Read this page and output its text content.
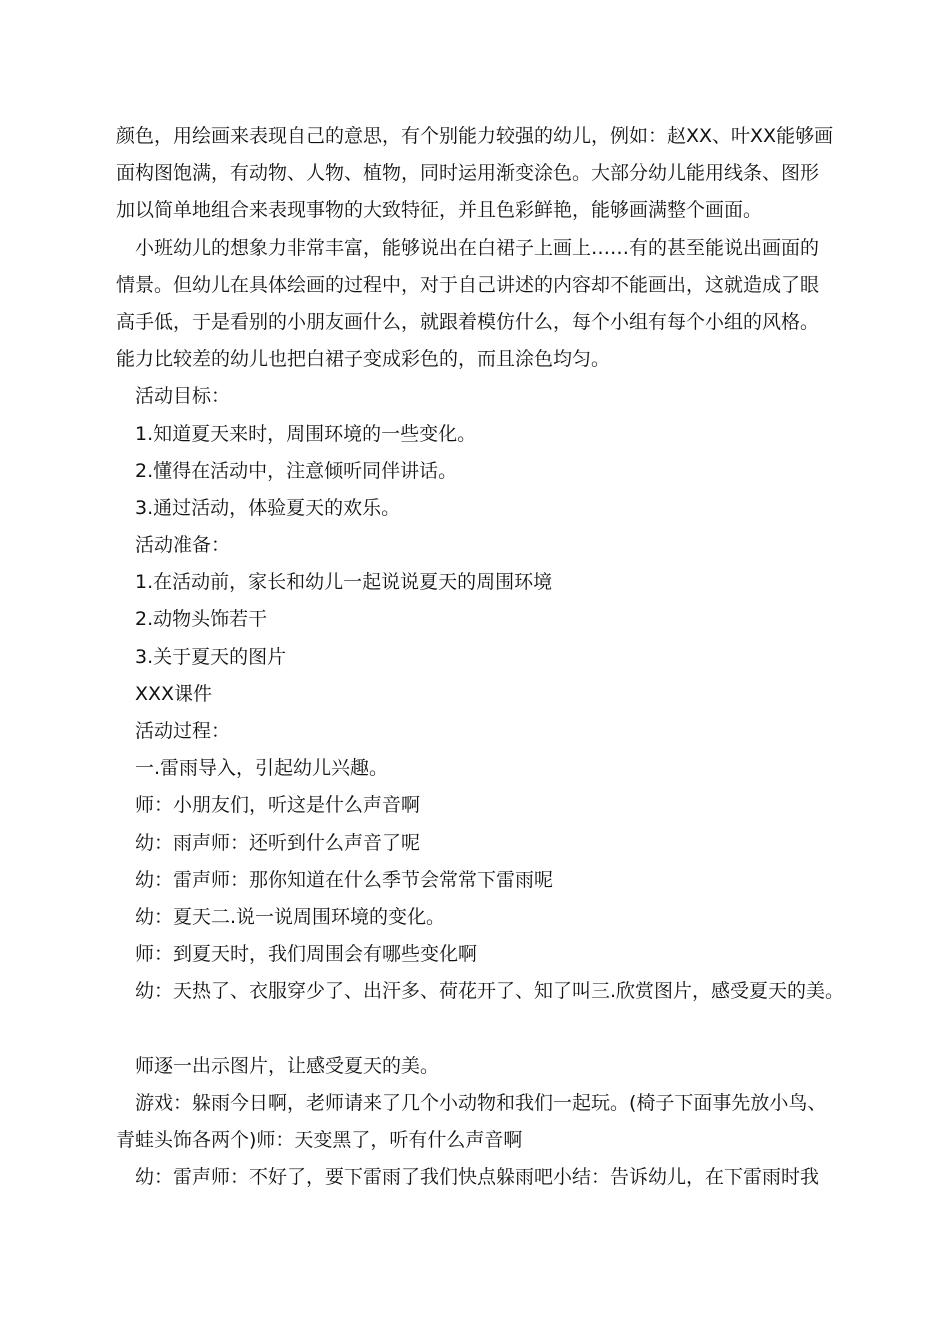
颜色，用绘画来表现自己的意思，有个别能力较强的幼儿，例如：赵XX、叶XX能够画
面构图饱满，有动物、人物、植物，同时运用渐变涂色。大部分幼儿能用线条、图形
加以简单地组合来表现事物的大致特征，并且色彩鲜艳，能够画满整个画面。
小班幼儿的想象力非常丰富，能够说出在白裙子上画上……有的甚至能说出画面的
情景。但幼儿在具体绘画的过程中，对于自己讲述的内容却不能画出，这就造成了眼
高手低，于是看别的小朋友画什么，就跟着模仿什么，每个小组有每个小组的风格。
能力比较差的幼儿也把白裙子变成彩色的，而且涂色均匀。
活动目标：
1.知道夏天来时，周围环境的一些变化。
2.懂得在活动中，注意倾听同伴讲话。
3.通过活动，体验夏天的欢乐。
活动准备：
1.在活动前，家长和幼儿一起说说夏天的周围环境
2.动物头饰若干
3.关于夏天的图片
XXX课件
活动过程：
一.雷雨导入，引起幼儿兴趣。
师：小朋友们，听这是什么声音啊
幼：雨声师：还听到什么声音了呢
幼：雷声师：那你知道在什么季节会常常下雷雨呢
幼：夏天二.说一说周围环境的变化。
师：到夏天时，我们周围会有哪些变化啊
幼：天热了、衣服穿少了、出汗多、荷花开了、知了叫三.欣赏图片，感受夏天的美。
师逐一出示图片，让感受夏天的美。
游戏：躲雨今日啊，老师请来了几个小动物和我们一起玩。(椅子下面事先放小鸟、
青蛙头饰各两个)师：天变黑了，听有什么声音啊
幼：雷声师：不好了，要下雷雨了我们快点躲雨吧小结：告诉幼儿，在下雷雨时我
